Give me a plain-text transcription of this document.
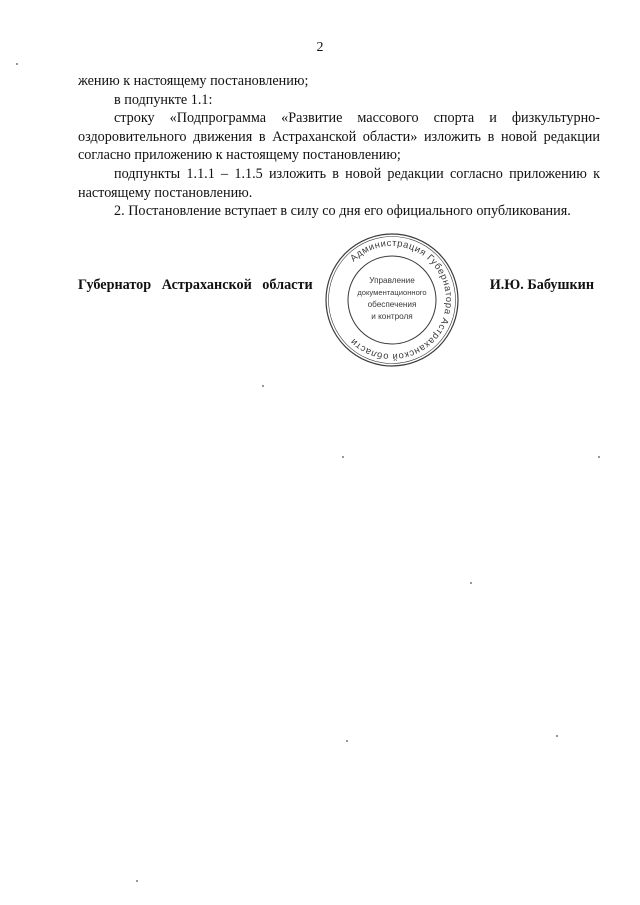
2

жению к настоящему постановлению;

в подпункте 1.1:

строку «Подпрограмма «Развитие массового спорта и физкультурно-оздоровительного движения в Астраханской области» изложить в новой редакции согласно приложению к настоящему постановлению;

подпункты 1.1.1 – 1.1.5 изложить в новой редакции согласно приложению к настоящему постановлению.

2. Постановление вступает в силу со дня его официального опубликования.

Губернатор Астраханской области	И.Ю. Бабушкин
Администрация Губернатора Астраханской области
Управление
документационного
обеспечения
и контроля
